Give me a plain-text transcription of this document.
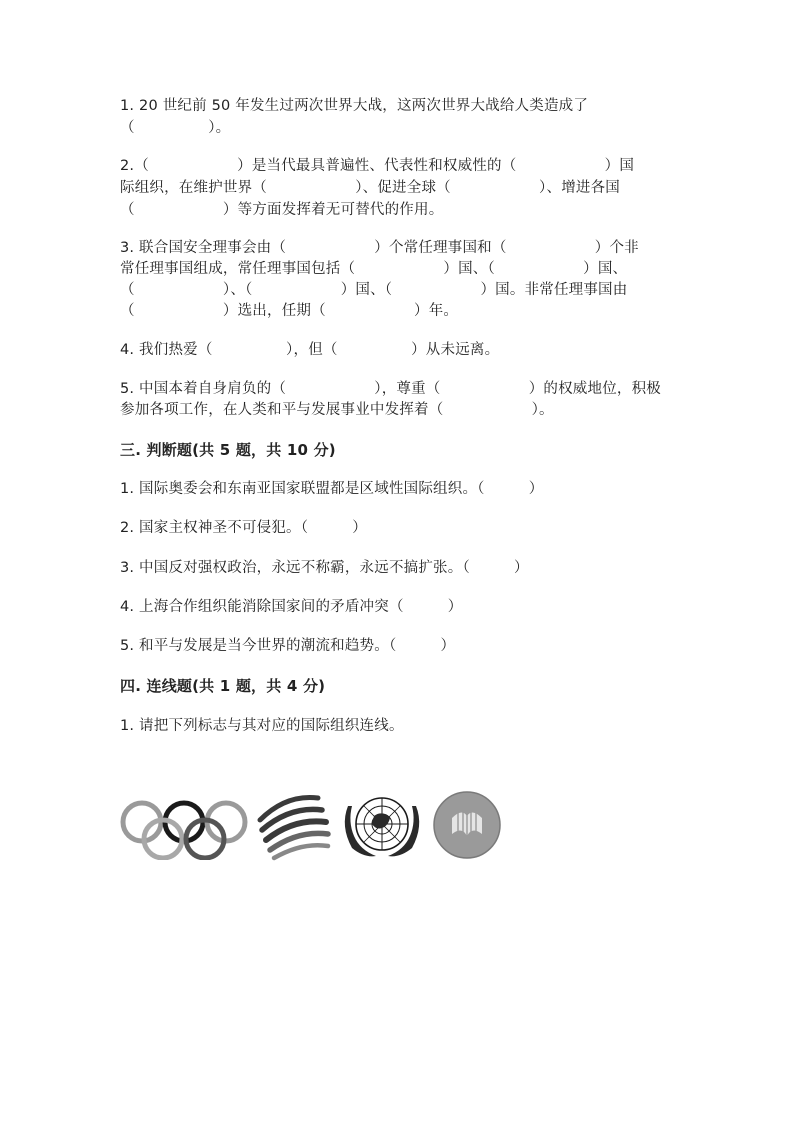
1. 20 世纪前 50 年发生过两次世界大战，这两次世界大战给人类造成了
（　　　　　）。
2.（　　　　　　）是当代最具普遍性、代表性和权威性的（　　　　　　）国
际组织，在维护世界（　　　　　　）、促进全球（　　　　　　）、增进各国
（　　　　　　）等方面发挥着无可替代的作用。
3. 联合国安全理事会由（　　　　　　）个常任理事国和（　　　　　　）个非
常任理事国组成，常任理事国包括（　　　　　　）国、（　　　　　　）国、
（　　　　　　）、（　　　　　　）国、（　　　　　　）国。非常任理事国由
（　　　　　　）选出，任期（　　　　　　）年。
4. 我们热爱（　　　　　），但（　　　　　）从未远离。
5. 中国本着自身肩负的（　　　　　　），尊重（　　　　　　）的权威地位，积极
参加各项工作，在人类和平与发展事业中发挥着（　　　　　　）。
三. 判断题(共 5 题，共 10 分)
1. 国际奥委会和东南亚国家联盟都是区域性国际组织。（　　　）
2. 国家主权神圣不可侵犯。（　　　）
3. 中国反对强权政治，永远不称霸，永远不搞扩张。（　　　）
4. 上海合作组织能消除国家间的矛盾冲突（　　　）
5. 和平与发展是当今世界的潮流和趋势。（　　　）
四. 连线题(共 1 题，共 4 分)
1. 请把下列标志与其对应的国际组织连线。
